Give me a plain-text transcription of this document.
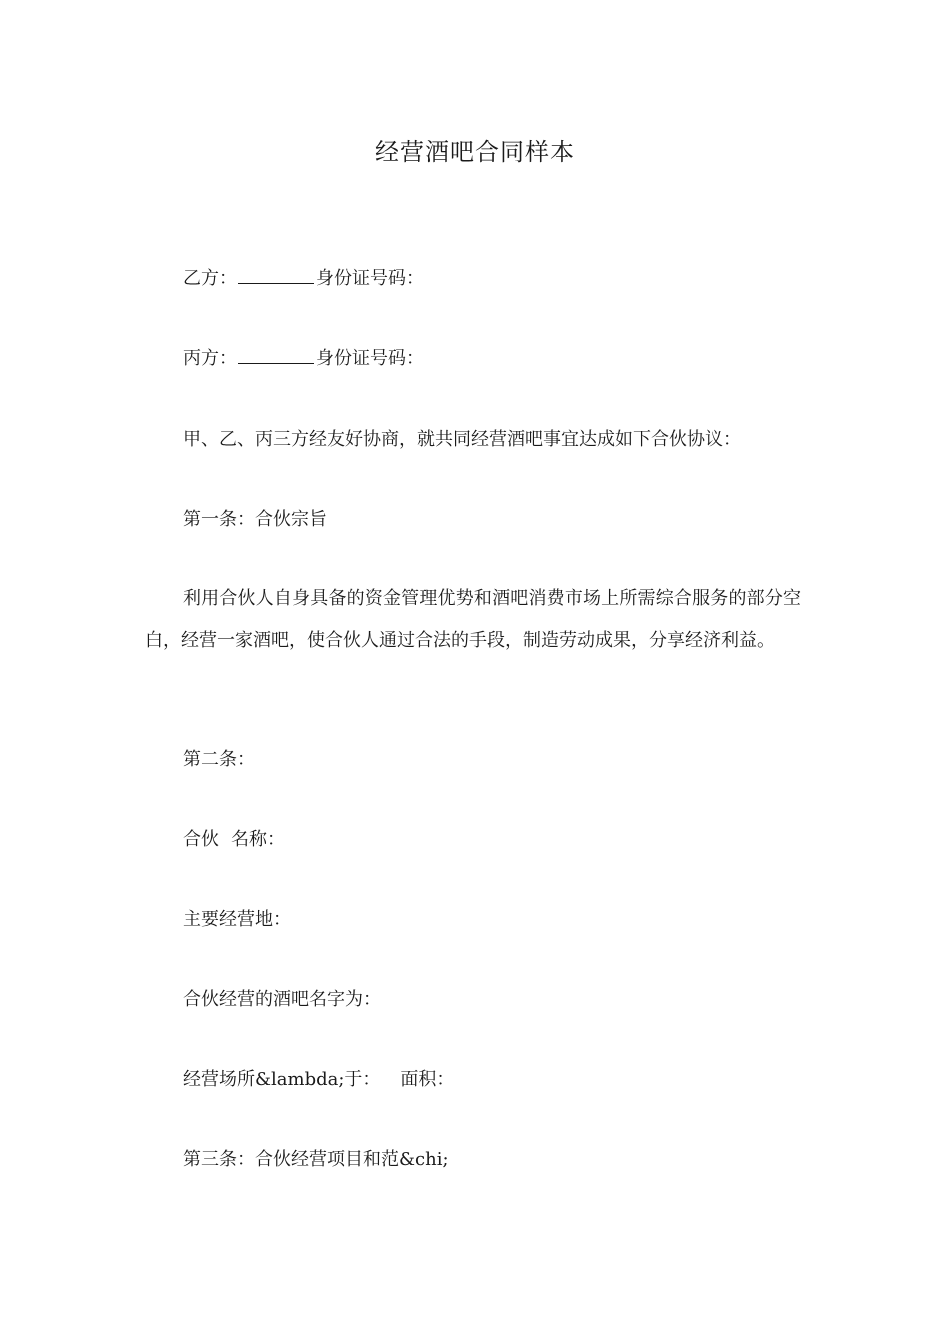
经营酒吧合同样本
乙方：	身份证号码：
丙方：	身份证号码：
甲、乙、丙三方经友好协商，就共同经营酒吧事宜达成如下合伙协议：
第一条：合伙宗旨
利用合伙人自身具备的资金管理优势和酒吧消费市场上所需综合服务的部分空白，经营一家酒吧，使合伙人通过合法的手段，制造劳动成果，分享经济利益。
第二条：
合伙 名称：
主要经营地：
合伙经营的酒吧名字为：
经营场所&lambda;于： 面积：
第三条：合伙经营项目和范&chi;
